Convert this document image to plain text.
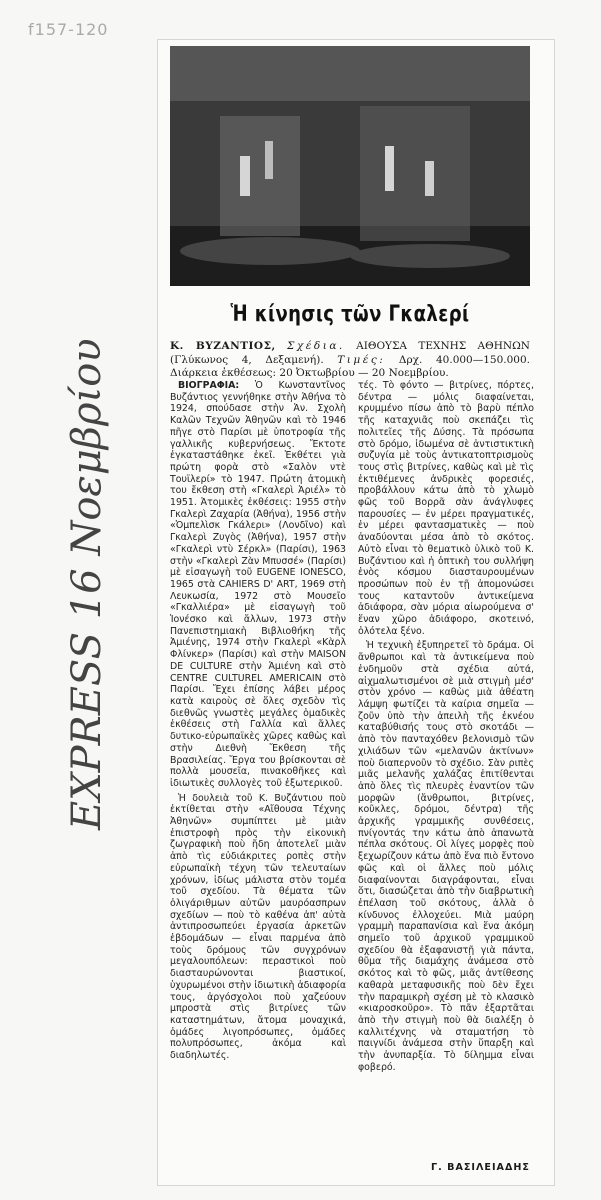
f157-120
EXPRESS 16 Νοεμβρίου 85	Ἡ κίνησις τῶν Γκαλερί
Κ. ΒΥΖΑΝΤΙΟΣ, Σχέδια. ΑΙΘΟΥΣΑ ΤΕΧΝΗΣ ΑΘΗΝΩΝ (Γλύκωνος 4, Δεξαμενή). Τιμές: Δρχ. 40.000—150.000. Διάρκεια ἐκθέσεως: 20 Ὀκτωβρίου — 20 Νοεμβρίου.

ΒΙΟΓΡΑΦΙΑ: Ὁ Κωνσταντῖνος Βυζάντιος γεννήθηκε στὴν Ἀθήνα τὸ 1924, σπούδασε στὴν Ἀν. Σχολὴ Καλῶν Τεχνῶν Ἀθηνῶν καὶ τὸ 1946 πῆγε στὸ Παρίσι μὲ ὑποτροφία τῆς γαλλικῆς κυβερνήσεως. Ἔκτοτε ἐγκαταστάθηκε ἐκεῖ. Ἐκθέτει γιὰ πρώτη φορὰ στὸ «Σαλὸν ντὲ Τουϊλερί» τὸ 1947. Πρώτη ἀτομικὴ του ἔκθεση στὴ «Γκαλερὶ Ἀριέλ» τὸ 1951. Ἀτομικὲς ἐκθέσεις: 1955 στὴν Γκαλερὶ Ζαχαρία (Ἀθήνα), 1956 στὴν «Ὀμπελὶσκ Γκάλερι» (Λονδῖνο) καὶ Γκαλερὶ Ζυγὸς (Ἀθήνα), 1957 στὴν «Γκαλερὶ ντὺ Σέρκλ» (Παρίσι), 1963 στὴν «Γκαλερὶ Ζὰν Μπυσσέ» (Παρίσι) μὲ εἰσαγωγὴ τοῦ EUGENE IONESCO, 1965 στὰ CAHIERS D' ART, 1969 στὴ Λευκωσία, 1972 στὸ Μουσεῖο «Γκαλλιέρα» μὲ εἰσαγωγὴ τοῦ Ἰονέσκο καὶ ἄλλων, 1973 στὴν Πανεπιστημιακὴ Βιβλιοθήκη τῆς Ἀμιένης, 1974 στὴν Γκαλερὶ «Κὰρλ Φλίνκερ» (Παρίσι) καὶ στὴν MAISON DE CULTURE στὴν Ἀμιένη καὶ στὸ CENTRE CULTUREL AMERICAIN στὸ Παρίσι. Ἔχει ἐπίσης λάβει μέρος κατὰ καιροὺς σὲ ὅλες σχεδὸν τὶς διεθνῶς γνωστὲς μεγάλες ὁμαδικὲς ἐκθέσεις στὴ Γαλλία καὶ ἄλλες δυτικο-εὐρωπαϊκὲς χῶρες καθὼς καὶ στὴν Διεθνὴ Ἔκθεση τῆς Βρασιλείας. Ἔργα του βρίσκονται σὲ πολλὰ μουσεῖα, πινακοθῆκες καὶ ἰδιωτικὲς συλλογὲς τοῦ ἐξωτερικοῦ.

Ἡ δουλειὰ τοῦ Κ. Βυζάντιου ποὺ ἐκτίθεται στὴν «Αἴθουσα Τέχνης Ἀθηνῶν» συμπίπτει μὲ μιὰν ἐπιστροφὴ πρὸς τὴν εἰκονικὴ ζωγραφικὴ ποὺ ἤδη ἀποτελεῖ μιὰν ἀπὸ τὶς εὐδιάκριτες ροπὲς στὴν εὐρωπαϊκὴ τέχνη τῶν τελευταίων χρόνων, ἰδίως μάλιστα στὸν τομέα τοῦ σχεδίου. Τὰ θέματα τῶν ὀλιγάριθμων αὐτῶν μαυρόασπρων σχεδίων — ποὺ τὸ καθένα ἀπ' αὐτὰ ἀντιπροσωπεύει ἐργασία ἀρκετῶν ἑβδομάδων — εἶναι παρμένα ἀπὸ τοὺς δρόμους τῶν συγχρόνων μεγαλουπόλεων: περαστικοὶ ποὺ διασταυρώνονται βιαστικοί, ὑχυρωμένοι στὴν ἰδιωτικὴ ἀδιαφορία τους, ἀργόσχολοι ποὺ χαζεύουν μπροστὰ στὶς βιτρίνες τῶν καταστημάτων, ἄτομα μοναχικά, ὁμάδες λιγοπρόσωπες, ὁμάδες πολυπρόσωπες, ἀκόμα καὶ διαδηλωτές.

τές. Τὸ φόντο — βιτρίνες, πόρτες, δέντρα — μόλις διαφαίνεται, κρυμμένο πίσω ἀπὸ τὸ βαρὺ πέπλο τῆς καταχνιᾶς ποὺ σκεπάζει τὶς πολιτεῖες τῆς Δύσης. Τὰ πρόσωπα στὸ δρόμο, ἰδωμένα σὲ ἀντιστικτικὴ συζυγία μὲ τοὺς ἀντικατοπτρισμοὺς τους στὶς βιτρίνες, καθὼς καὶ μὲ τὶς ἐκτιθέμενες ἀνδρικὲς φορεσιές, προβάλλουν κάτω ἀπὸ τὸ χλωμὸ φῶς τοῦ Βορρᾶ σὰν ἀνάγλυφες παρουσίες — ἐν μέρει πραγματικές, ἐν μέρει φαντασματικὲς — ποὺ ἀναδύονται μέσα ἀπὸ τὸ σκότος. Αὐτὸ εἶναι τὸ θεματικὸ ὑλικὸ τοῦ Κ. Βυζάντιου καὶ ἡ ὀπτικὴ του συλλήψη ἑνὸς κόσμου διασταυρουμένων προσώπων ποὺ ἐν τῇ ἀπομονώσει τους καταντοῦν ἀντικείμενα ἀδιάφορα, σὰν μόρια αἰωρούμενα σ' ἕναν χῶρο ἀδιάφορο, σκοτεινό, ὁλότελα ξένο.

Ἡ τεχνικὴ ἐξυπηρετεῖ τὸ δράμα. Οἱ ἄνθρωποι καὶ τὰ ἀντικείμενα ποὺ ἐνδημοῦν στὰ σχέδια αὐτά, αἰχμαλωτισμένοι σὲ μιὰ στιγμὴ μέσ' στὸν χρόνο — καθὼς μιὰ ἀθέατη λάμψη φωτίζει τὰ καίρια σημεῖα — ζοῦν ὑπὸ τὴν ἀπειλὴ τῆς ἐκνέου καταβύθισής τους στὸ σκοτάδι — ἀπὸ τὸν πανταχόθεν βελονισμὸ τῶν χιλιάδων τῶν «μελανῶν ἀκτίνων» ποὺ διαπερνοῦν τὸ σχέδιο. Σὰν ριπὲς μιᾶς μελανῆς χαλάζας ἐπιτίθενται ἀπὸ ὅλες τὶς πλευρὲς ἐναντίον τῶν μορφῶν (ἄνθρωποι, βιτρίνες, κοῦκλες, δρόμοι, δέντρα) τῆς ἀρχικῆς γραμμικῆς συνθέσεις, πνίγοντάς την κάτω ἀπὸ ἀπανωτὰ πέπλα σκότους. Οἱ λίγες μορφὲς ποὺ ξεχωρίζουν κάτω ἀπὸ ἕνα πιὸ ἔντονο φῶς καὶ οἱ ἄλλες ποὺ μόλις διαφαίνονται διαγράφονται, εἶναι ὅτι, διασώζεται ἀπὸ τὴν διαβρωτικὴ ἐπέλαση τοῦ σκότους, ἀλλὰ ὁ κίνδυνος ἐλλοχεύει. Μιὰ μαύρη γραμμὴ παραπανίσια καὶ ἕνα ἀκόμη σημεῖο τοῦ ἀρχικοῦ γραμμικοῦ σχεδίου θὰ ἐξαφανιστῇ γιὰ πάντα, θῦμα τῆς διαμάχης ἀνάμεσα στὸ σκότος καὶ τὸ φῶς, μιᾶς ἀντίθεσης καθαρὰ μεταφυσικῆς ποὺ δὲν ἔχει τὴν παραμικρὴ σχέση μὲ τὸ κλασικὸ «κιαροσκοῦρο». Τὸ πᾶν ἐξαρτᾶται ἀπὸ τὴν στιγμὴ ποὺ θὰ διαλέξη ὁ καλλιτέχνης νὰ σταματήση τὸ παιγνίδι ἀνάμεσα στὴν ὕπαρξη καὶ τὴν ἀνυπαρξία. Τὸ δίλημμα εἶναι φοβερό.

Γ. ΒΑΣΙΛΕΙΑΔΗΣ
